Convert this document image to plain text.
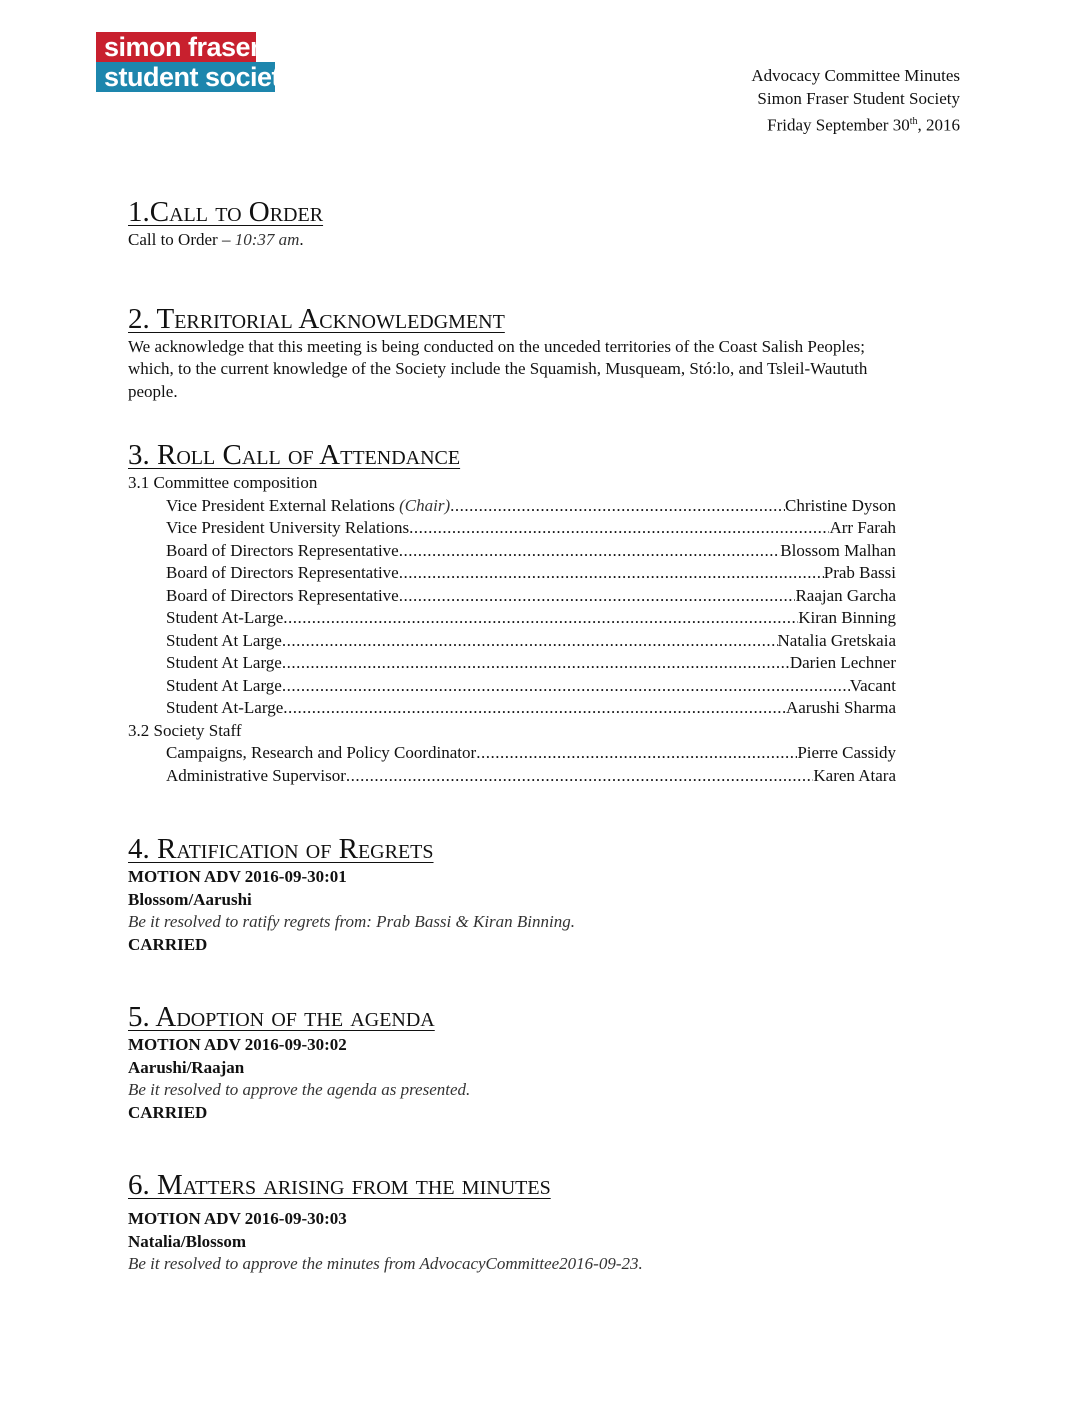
simon fraser
student society	Advocacy Committee Minutes
Simon Fraser Student Society
Friday September 30th, 2016
1.Call to Order

Call to Order – 10:37 am.

2. Territorial Acknowledgment

We acknowledge that this meeting is being conducted on the unceded territories of the Coast Salish Peoples; which, to the current knowledge of the Society include the Squamish, Musqueam, Stó:lo, and Tsleil-Waututh people.

3. Roll Call of Attendance
3.1 Committee composition
Vice President External Relations (Chair) .....	Christine Dyson
Vice President University Relations .....	Arr Farah
Board of Directors Representative .....	Blossom Malhan
Board of Directors Representative .....	Prab Bassi
Board of Directors Representative .....	Raajan Garcha
Student At-Large .....	Kiran Binning
Student At Large .....	Natalia Gretskaia
Student At Large .....	Darien Lechner
Student At Large .....	Vacant
Student At-Large .....	Aarushi Sharma
3.2 Society Staff
Campaigns, Research and Policy Coordinator .....	Pierre Cassidy
Administrative Supervisor .....	Karen Atara
4. Ratification of Regrets

MOTION ADV 2016-09-30:01

Blossom/Aarushi

Be it resolved to ratify regrets from: Prab Bassi & Kiran Binning.

CARRIED

5. Adoption of the agenda

MOTION ADV 2016-09-30:02

Aarushi/Raajan

Be it resolved to approve the agenda as presented.

CARRIED

6. Matters arising from the minutes

MOTION ADV 2016-09-30:03

Natalia/Blossom

Be it resolved to approve the minutes from AdvocacyCommittee2016-09-23.
